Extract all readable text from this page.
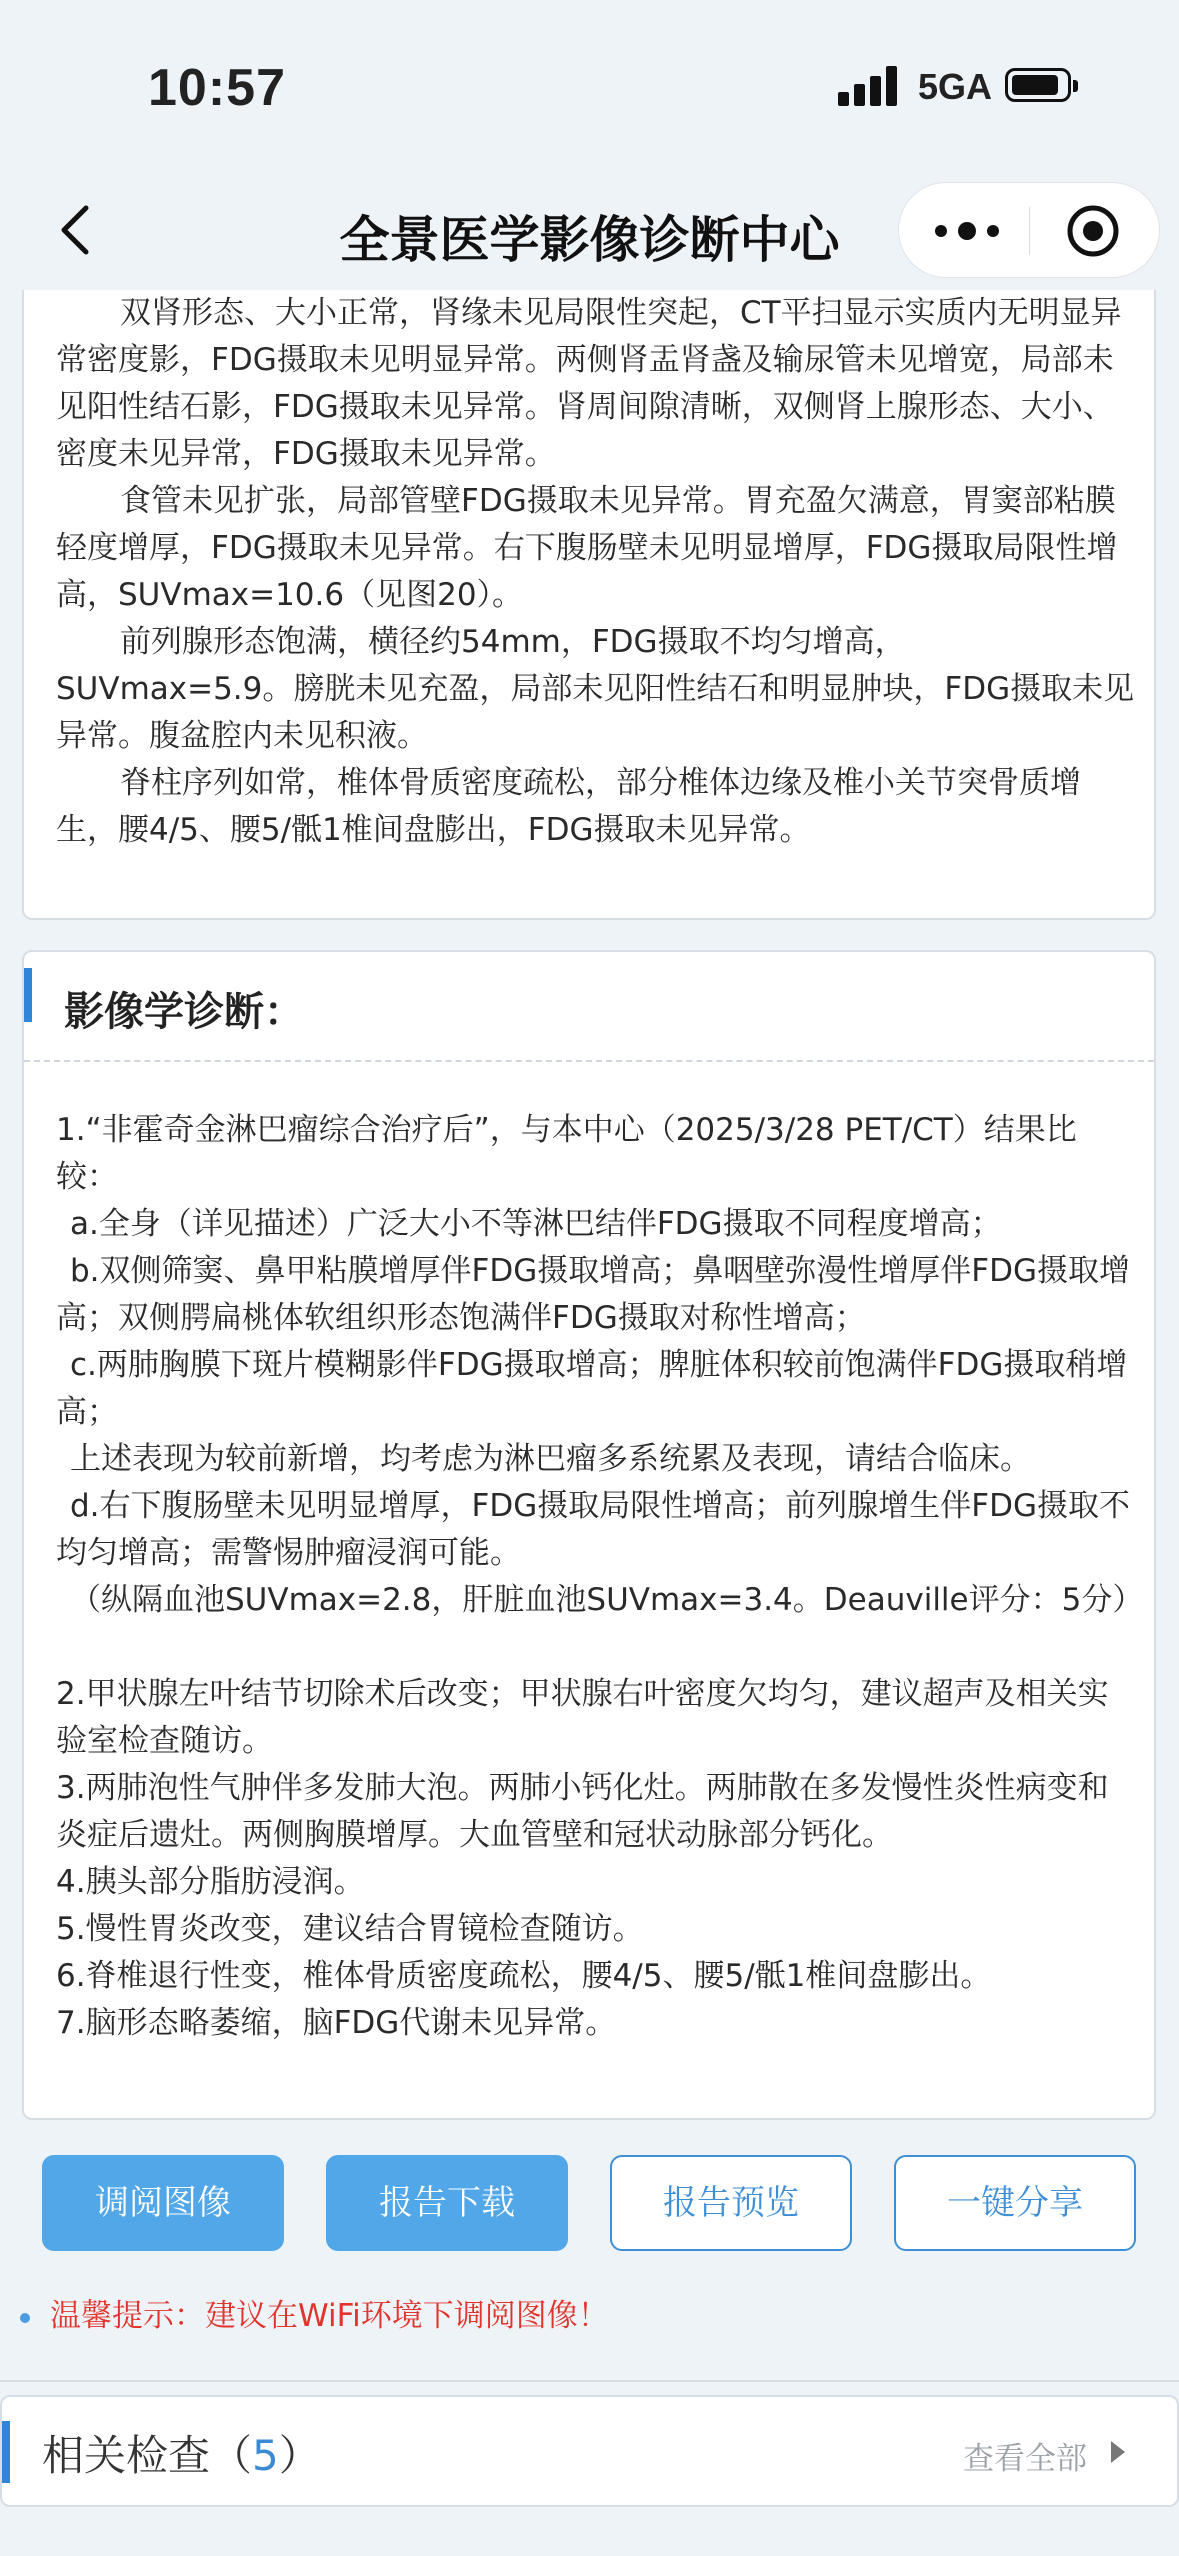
10:57	5GA
全景医学影像诊断中心

双肾形态、大小正常，肾缘未见局限性突起，CT平扫显示实质内无明显异常密度影，FDG摄取未见明显异常。两侧肾盂肾盏及输尿管未见增宽，局部未见阳性结石影，FDG摄取未见异常。肾周间隙清晰，双侧肾上腺形态、大小、密度未见异常，FDG摄取未见异常。

食管未见扩张，局部管壁FDG摄取未见异常。胃充盈欠满意，胃窦部粘膜轻度增厚，FDG摄取未见异常。右下腹肠壁未见明显增厚，FDG摄取局限性增高，SUVmax=10.6（见图20）。

前列腺形态饱满，横径约54mm，FDG摄取不均匀增高，SUVmax=5.9。膀胱未见充盈，局部未见阳性结石和明显肿块，FDG摄取未见异常。腹盆腔内未见积液。

脊柱序列如常，椎体骨质密度疏松，部分椎体边缘及椎小关节突骨质增生，腰4/5、腰5/骶1椎间盘膨出，FDG摄取未见异常。

影像学诊断：

1.“非霍奇金淋巴瘤综合治疗后”，与本中心（2025/3/28 PET/CT）结果比较：

a.全身（详见描述）广泛大小不等淋巴结伴FDG摄取不同程度增高；

b.双侧筛窦、鼻甲粘膜增厚伴FDG摄取增高；鼻咽壁弥漫性增厚伴FDG摄取增高；双侧腭扁桃体软组织形态饱满伴FDG摄取对称性增高；

c.两肺胸膜下斑片模糊影伴FDG摄取增高；脾脏体积较前饱满伴FDG摄取稍增高；

上述表现为较前新增，均考虑为淋巴瘤多系统累及表现，请结合临床。

d.右下腹肠壁未见明显增厚，FDG摄取局限性增高；前列腺增生伴FDG摄取不均匀增高；需警惕肿瘤浸润可能。

（纵隔血池SUVmax=2.8，肝脏血池SUVmax=3.4。Deauville评分：5分）

2.甲状腺左叶结节切除术后改变；甲状腺右叶密度欠均匀，建议超声及相关实验室检查随访。

3.两肺泡性气肿伴多发肺大泡。两肺小钙化灶。两肺散在多发慢性炎性病变和炎症后遗灶。两侧胸膜增厚。大血管壁和冠状动脉部分钙化。

4.胰头部分脂肪浸润。

5.慢性胃炎改变，建议结合胃镜检查随访。

6.脊椎退行性变，椎体骨质密度疏松，腰4/5、腰5/骶1椎间盘膨出。

7.脑形态略萎缩，脑FDG代谢未见异常。

调阅图像	报告下载	报告预览	一键分享
温馨提示：建议在WiFi环境下调阅图像！
相关检查（5）	查看全部
